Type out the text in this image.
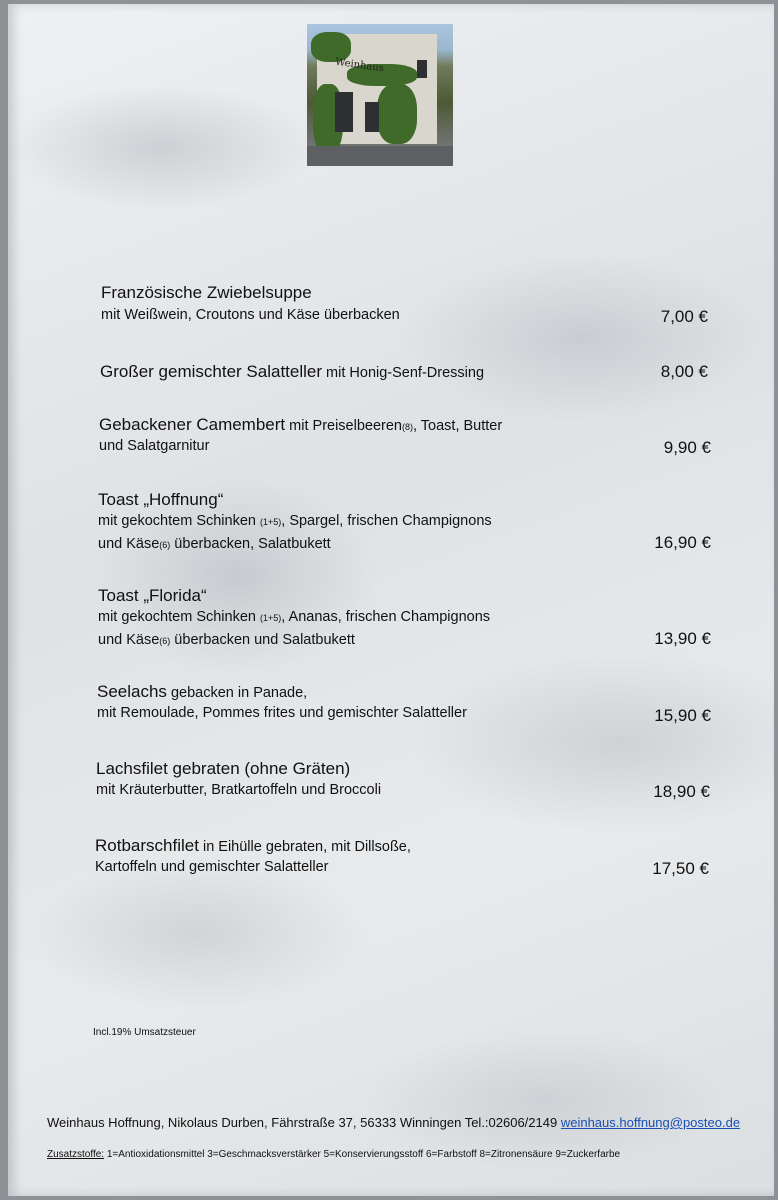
Weinhaus
Französische Zwiebelsuppe
mit Weißwein, Croutons und Käse überbacken	7,00 €
Großer gemischter Salatteller mit Honig-Senf-Dressing	8,00 €
Gebackener Camembert mit Preiselbeeren(8), Toast, Butter
und Salatgarnitur	9,90 €
Toast „Hoffnung“
mit gekochtem Schinken (1+5), Spargel, frischen Champignons
und Käse(6) überbacken, Salatbukett	16,90 €
Toast „Florida“
mit gekochtem Schinken (1+5), Ananas, frischen Champignons
und Käse(6) überbacken und Salatbukett	13,90 €
Seelachs gebacken in Panade,
mit Remoulade, Pommes frites und gemischter Salatteller	15,90 €
Lachsfilet gebraten (ohne Gräten)
mit Kräuterbutter, Bratkartoffeln und Broccoli	18,90 €
Rotbarschfilet in Eihülle gebraten, mit Dillsoße,
Kartoffeln und gemischter Salatteller	17,50 €
Incl.19% Umsatzsteuer
Weinhaus Hoffnung, Nikolaus Durben, Fährstraße 37, 56333 Winningen Tel.:02606/2149 weinhaus.hoffnung@posteo.de
Zusatzstoffe: 1=Antioxidationsmittel 3=Geschmacksverstärker 5=Konservierungsstoff 6=Farbstoff 8=Zitronensäure 9=Zuckerfarbe
